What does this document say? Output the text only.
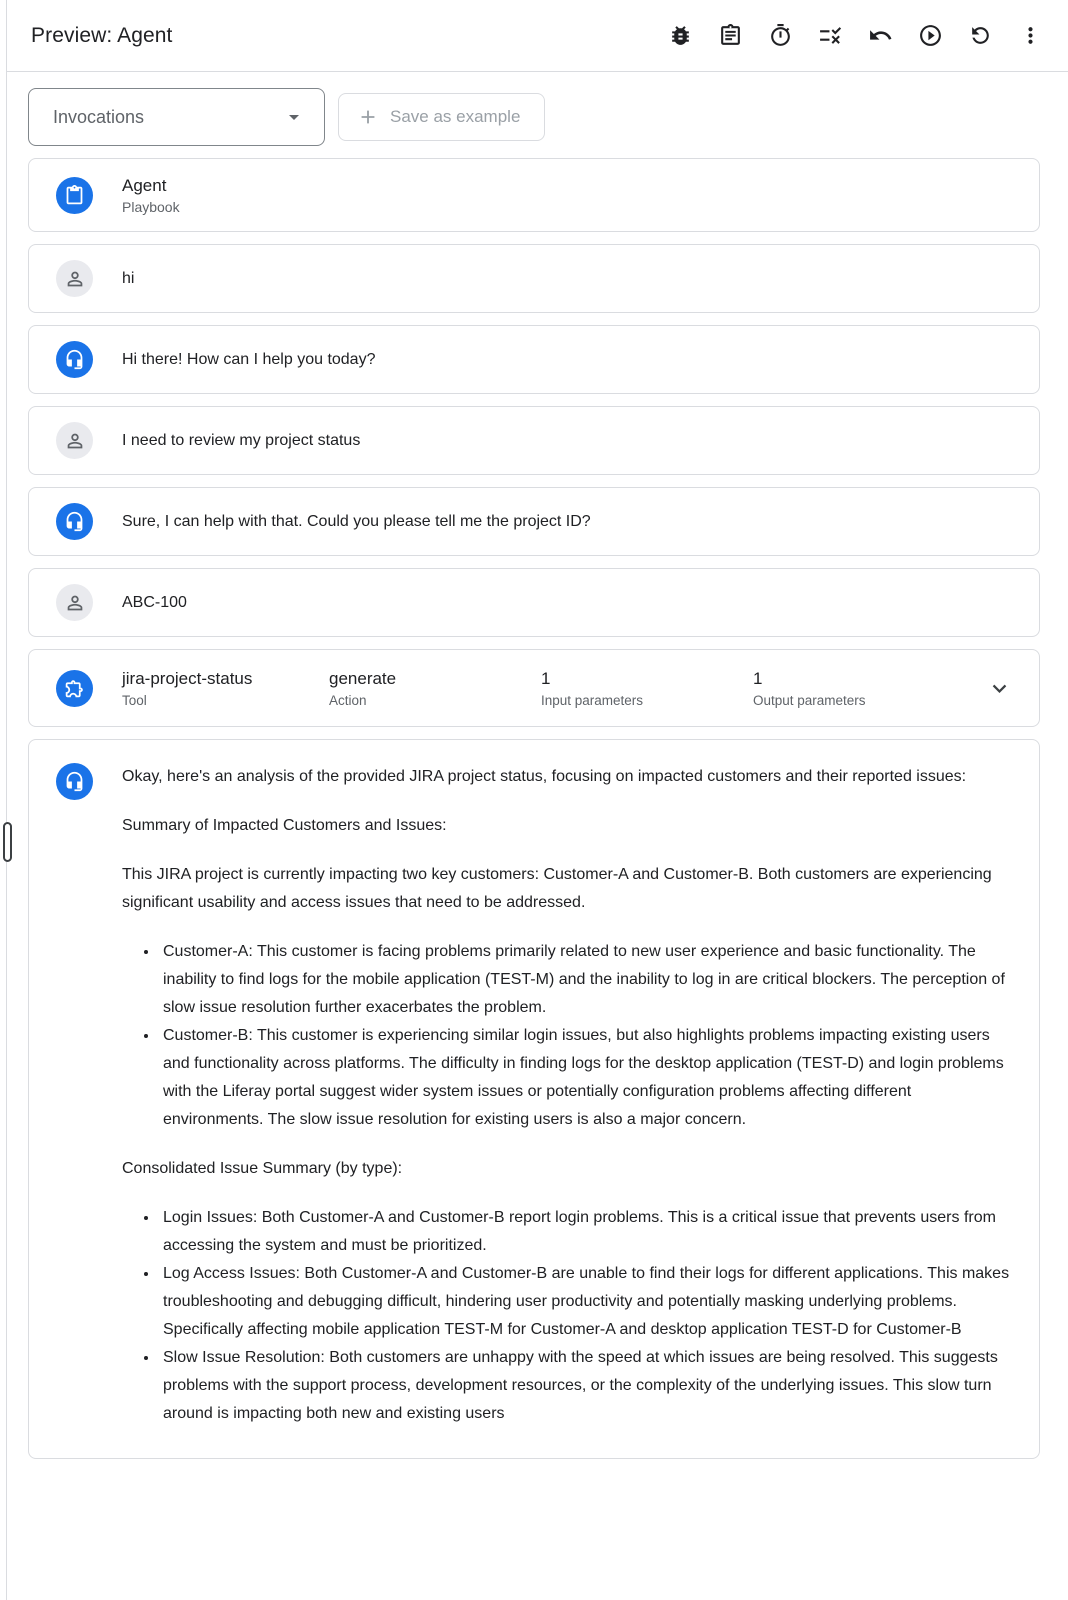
Preview: Agent
Invocations	Save as example
Agent
Playbook
hi
Hi there! How can I help you today?
I need to review my project status
Sure, I can help with that. Could you please tell me the project ID?
ABC-100
jira-project-status
Tool
generate
Action
1
Input parameters
1
Output parameters

Okay, here's an analysis of the provided JIRA project status, focusing on impacted customers and their reported issues:

Summary of Impacted Customers and Issues:

This JIRA project is currently impacting two key customers: Customer-A and Customer-B. Both customers are experiencing significant usability and access issues that need to be addressed.

• Customer-A: This customer is facing problems primarily related to new user experience and basic functionality. The inability to find logs for the mobile application (TEST-M) and the inability to log in are critical blockers. The perception of slow issue resolution further exacerbates the problem.
• Customer-B: This customer is experiencing similar login issues, but also highlights problems impacting existing users and functionality across platforms. The difficulty in finding logs for the desktop application (TEST-D) and login problems with the Liferay portal suggest wider system issues or potentially configuration problems affecting different environments. The slow issue resolution for existing users is also a major concern.

Consolidated Issue Summary (by type):

• Login Issues: Both Customer-A and Customer-B report login problems. This is a critical issue that prevents users from accessing the system and must be prioritized.
• Log Access Issues: Both Customer-A and Customer-B are unable to find their logs for different applications. This makes troubleshooting and debugging difficult, hindering user productivity and potentially masking underlying problems. Specifically affecting mobile application TEST-M for Customer-A and desktop application TEST-D for Customer-B
• Slow Issue Resolution: Both customers are unhappy with the speed at which issues are being resolved. This suggests problems with the support process, development resources, or the complexity of the underlying issues. This slow turn around is impacting both new and existing users
